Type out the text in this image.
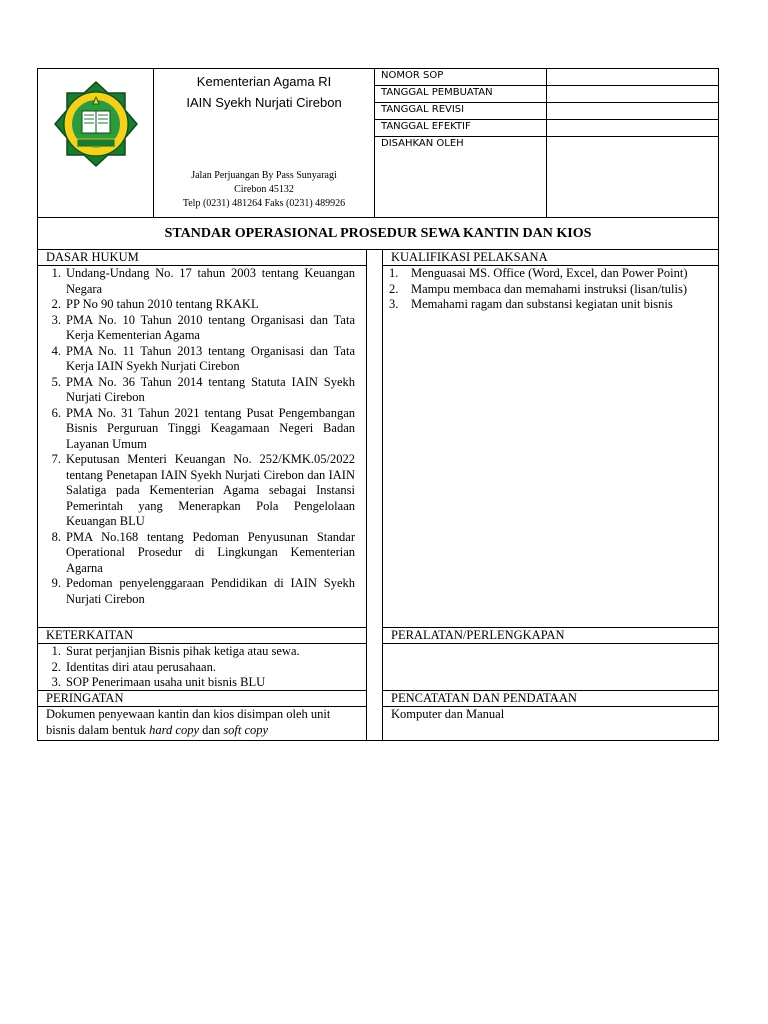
Kementerian Agama RI
IAIN Syekh Nurjati Cirebon
Jalan Perjuangan By Pass Sunyaragi
Cirebon 45132
Telp (0231) 481264 Faks (0231) 489926
NOMOR SOP
TANGGAL PEMBUATAN
TANGGAL REVISI
TANGGAL EFEKTIF
DISAHKAN OLEH
STANDAR OPERASIONAL PROSEDUR SEWA KANTIN DAN KIOS
DASAR HUKUM
1. Undang-Undang No. 17 tahun 2003 tentang Keuangan Negara
2. PP No 90 tahun 2010 tentang RKAKL
3. PMA No. 10 Tahun 2010 tentang Organisasi dan Tata Kerja Kementerian Agama
4. PMA No. 11 Tahun 2013 tentang Organisasi dan Tata Kerja IAIN Syekh Nurjati Cirebon
5. PMA No. 36 Tahun 2014 tentang Statuta IAIN Syekh Nurjati Cirebon
6. PMA No. 31 Tahun 2021 tentang Pusat Pengembangan Bisnis Perguruan Tinggi Keagamaan Negeri Badan Layanan Umum
7. Keputusan Menteri Keuangan No. 252/KMK.05/2022 tentang Penetapan IAIN Syekh Nurjati Cirebon dan IAIN Salatiga pada Kementerian Agama sebagai Instansi Pemerintah yang Menerapkan Pola Pengelolaan Keuangan BLU
8. PMA No.168 tentang Pedoman Penyusunan Standar Operational Prosedur di Lingkungan Kementerian Agarna
9. Pedoman penyelenggaraan Pendidikan di IAIN Syekh Nurjati Cirebon
KUALIFIKASI PELAKSANA
1.	Menguasai MS. Office (Word, Excel, dan Power Point)
2.	Mampu membaca dan memahami instruksi (lisan/tulis)
3.	Memahami ragam dan substansi kegiatan unit bisnis
KETERKAITAN
1. Surat perjanjian Bisnis pihak ketiga atau sewa.
2. Identitas diri atau perusahaan.
3. SOP Penerimaan usaha unit bisnis BLU
PERALATAN/PERLENGKAPAN
PERINGATAN
Dokumen penyewaan kantin dan kios disimpan oleh unit bisnis dalam bentuk hard copy dan soft copy
PENCATATAN DAN PENDATAAN
Komputer dan Manual
